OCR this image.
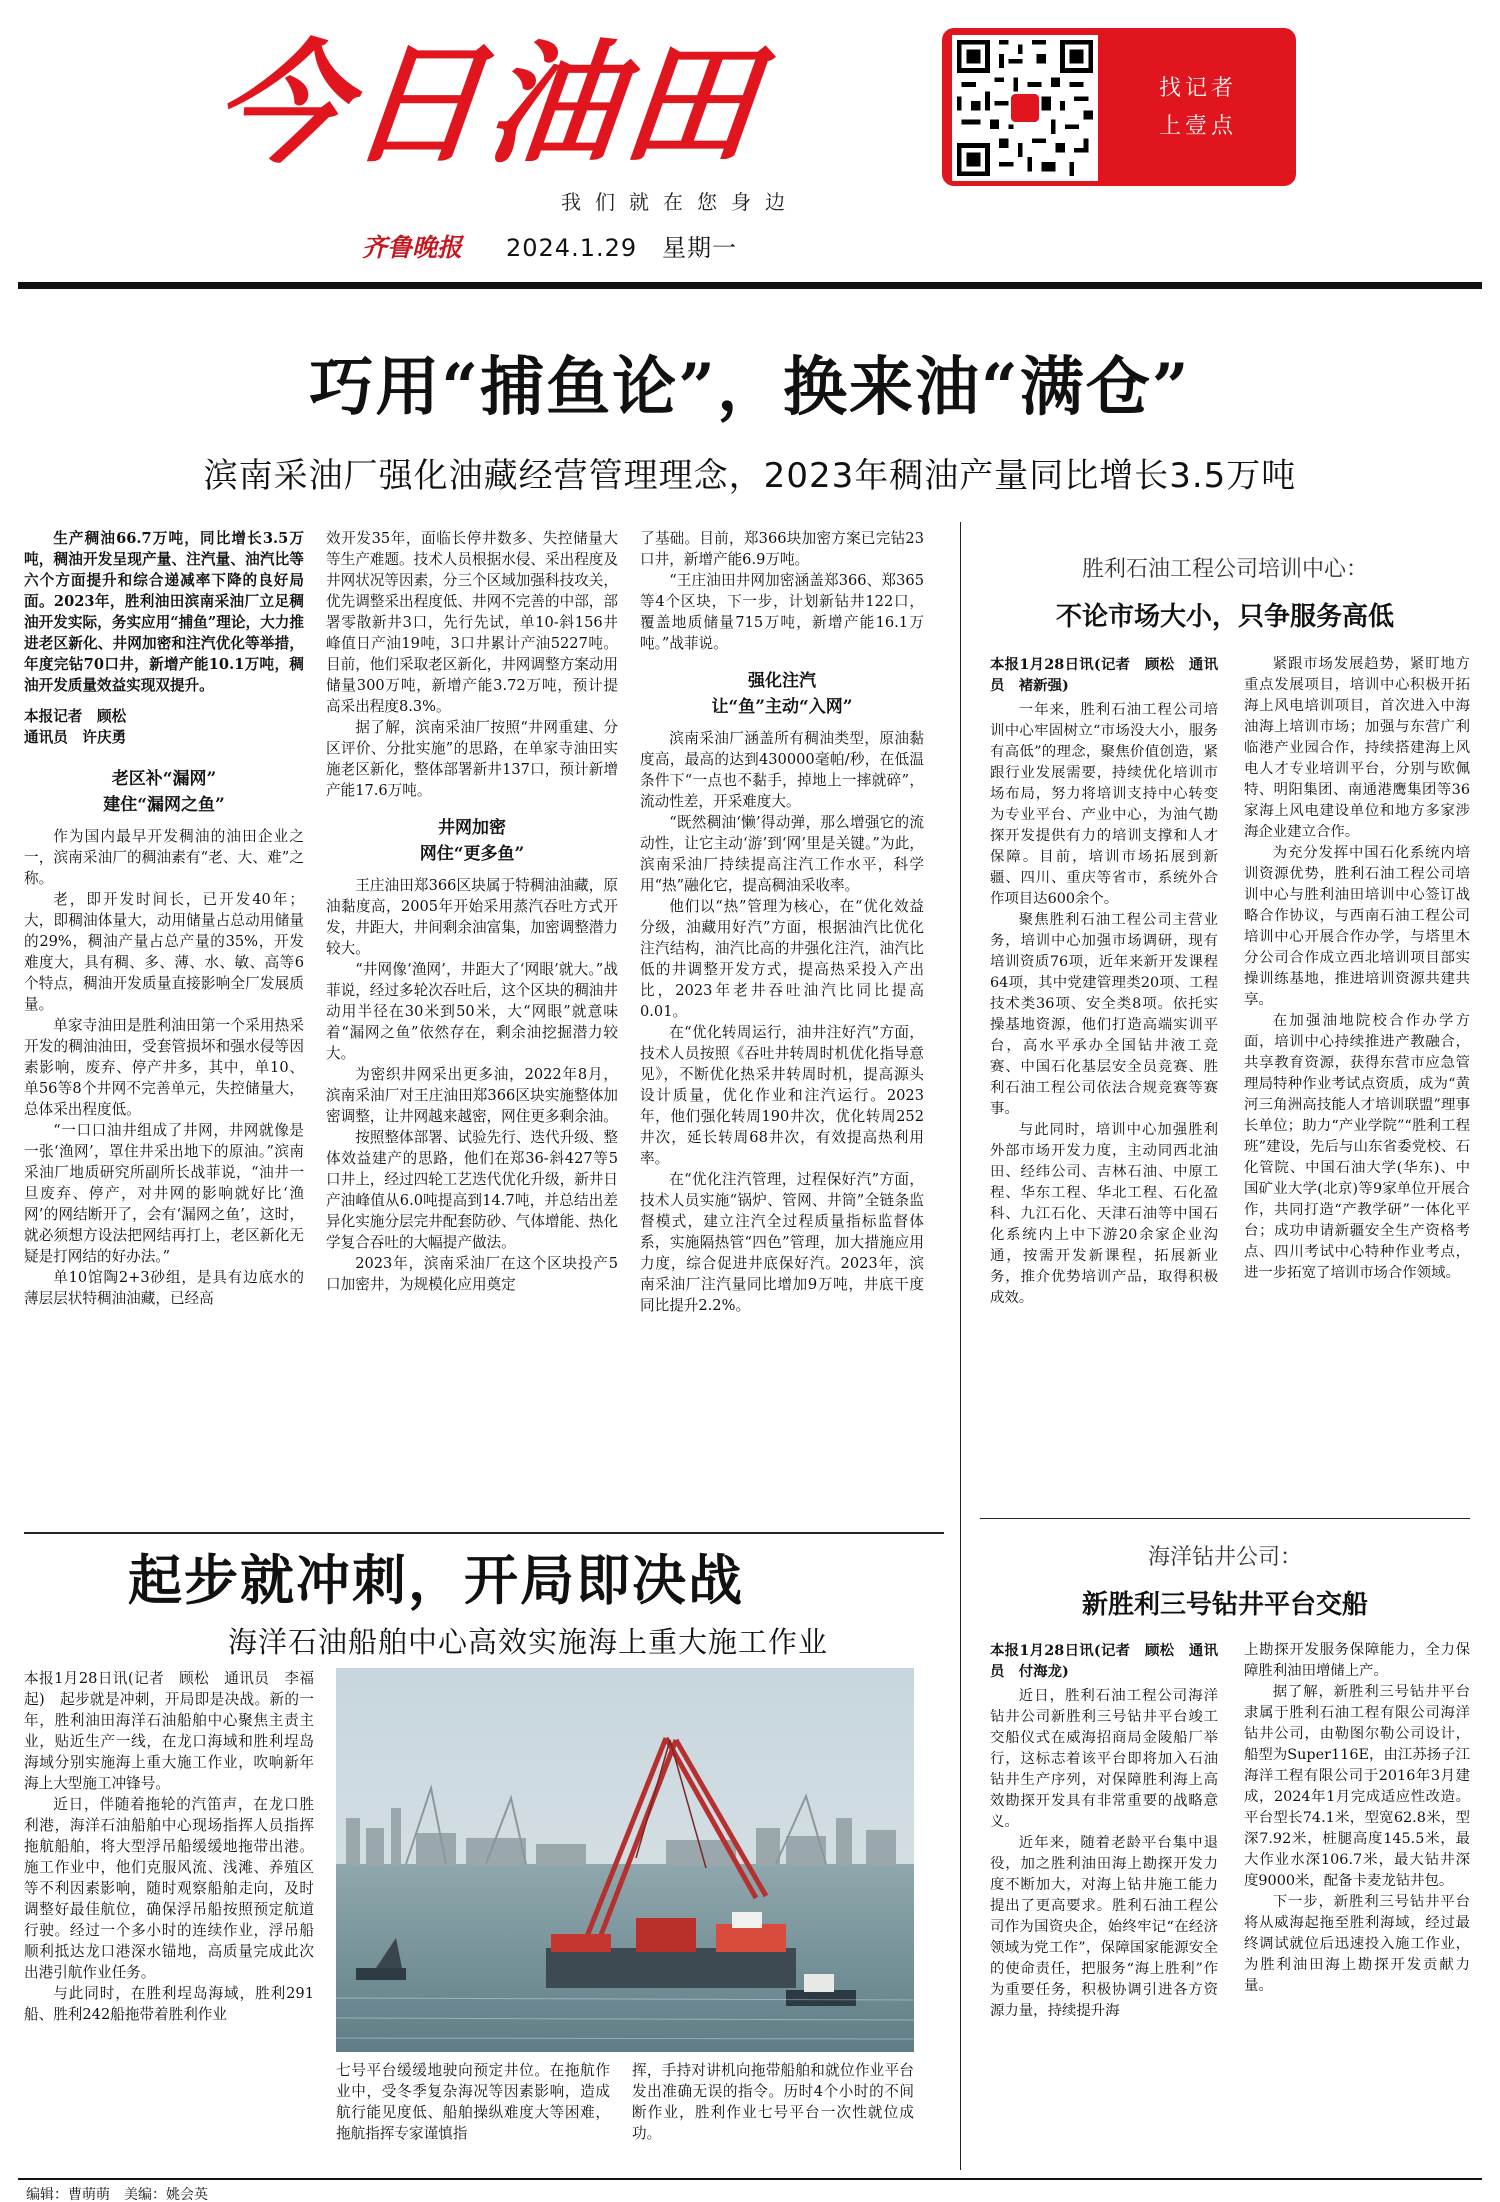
今日油田
我们就在您身边
找记者
上壹点
齐鲁晚报 2024.1.29　星期一
巧用“捕鱼论”，换来油“满仓”
滨南采油厂强化油藏经营管理理念，2023年稠油产量同比增长3.5万吨

生产稠油66.7万吨，同比增长3.5万吨，稠油开发呈现产量、注汽量、油汽比等六个方面提升和综合递减率下降的良好局面。2023年，胜利油田滨南采油厂立足稠油开发实际，务实应用“捕鱼”理论，大力推进老区新化、井网加密和注汽优化等举措，年度完钻70口井，新增产能10.1万吨，稠油开发质量效益实现双提升。

本报记者　顾松
通讯员　许庆勇

老区补“漏网”
建住“漏网之鱼”

作为国内最早开发稠油的油田企业之一，滨南采油厂的稠油素有“老、大、难”之称。

老，即开发时间长，已开发40年；大，即稠油体量大，动用储量占总动用储量的29%，稠油产量占总产量的35%，开发难度大，具有稠、多、薄、水、敏、高等6个特点，稠油开发质量直接影响全厂发展质量。

单家寺油田是胜利油田第一个采用热采开发的稠油油田，受套管损坏和强水侵等因素影响，废弃、停产井多，其中，单10、单56等8个井网不完善单元，失控储量大，总体采出程度低。

“一口口油井组成了井网，井网就像是一张‘渔网’，罩住井采出地下的原油。”滨南采油厂地质研究所副所长战菲说，“油井一旦废弃、停产，对井网的影响就好比‘渔网’的网结断开了，会有‘漏网之鱼’，这时，就必须想方设法把网结再打上，老区新化无疑是打网结的好办法。”

单10馆陶2+3砂组，是具有边底水的薄层层状特稠油油藏，已经高

效开发35年，面临长停井数多、失控储量大等生产难题。技术人员根据水侵、采出程度及井网状况等因素，分三个区域加强科技攻关，优先调整采出程度低、井网不完善的中部，部署零散新井3口，先行先试，单10-斜156井峰值日产油19吨，3口井累计产油5227吨。目前，他们采取老区新化，井网调整方案动用储量300万吨，新增产能3.72万吨，预计提高采出程度8.3%。

据了解，滨南采油厂按照“井网重建、分区评价、分批实施”的思路，在单家寺油田实施老区新化，整体部署新井137口，预计新增产能17.6万吨。

井网加密
网住“更多鱼”

王庄油田郑366区块属于特稠油油藏，原油黏度高，2005年开始采用蒸汽吞吐方式开发，井距大，井间剩余油富集，加密调整潜力较大。

“井网像‘渔网’，井距大了‘网眼’就大。”战菲说，经过多轮次吞吐后，这个区块的稠油井动用半径在30米到50米，大“网眼”就意味着“漏网之鱼”依然存在，剩余油挖掘潜力较大。

为密织井网采出更多油，2022年8月，滨南采油厂对王庄油田郑366区块实施整体加密调整，让井网越来越密，网住更多剩余油。

按照整体部署、试验先行、迭代升级、整体效益建产的思路，他们在郑36-斜427等5口井上，经过四轮工艺迭代优化升级，新井日产油峰值从6.0吨提高到14.7吨，并总结出差异化实施分层完井配套防砂、气体增能、热化学复合吞吐的大幅提产做法。

2023年，滨南采油厂在这个区块投产5口加密井，为规模化应用奠定

了基础。目前，郑366块加密方案已完钻23口井，新增产能6.9万吨。

“王庄油田井网加密涵盖郑366、郑365等4个区块，下一步，计划新钻井122口，覆盖地质储量715万吨，新增产能16.1万吨。”战菲说。

强化注汽
让“鱼”主动“入网”

滨南采油厂涵盖所有稠油类型，原油黏度高，最高的达到430000毫帕/秒，在低温条件下“一点也不黏手，掉地上一摔就碎”，流动性差，开采难度大。

“既然稠油‘懒’得动弹，那么增强它的流动性，让它主动‘游’到‘网’里是关键。”为此，滨南采油厂持续提高注汽工作水平，科学用“热”融化它，提高稠油采收率。

他们以“热”管理为核心，在“优化效益分级，油藏用好汽”方面，根据油汽比优化注汽结构，油汽比高的井强化注汽，油汽比低的井调整开发方式，提高热采投入产出比，2023年老井吞吐油汽比同比提高0.01。

在“优化转周运行，油井注好汽”方面，技术人员按照《吞吐井转周时机优化指导意见》，不断优化热采井转周时机，提高源头设计质量，优化作业和注汽运行。2023年，他们强化转周190井次，优化转周252井次，延长转周68井次，有效提高热利用率。

在“优化注汽管理，过程保好汽”方面，技术人员实施“锅炉、管网、井筒”全链条监督模式，建立注汽全过程质量指标监督体系，实施隔热管“四色”管理，加大措施应用力度，综合促进井底保好汽。2023年，滨南采油厂注汽量同比增加9万吨，井底干度同比提升2.2%。

胜利石油工程公司培训中心：
不论市场大小，只争服务高低

本报1月28日讯(记者　顾松　通讯员　褚新强)

一年来，胜利石油工程公司培训中心牢固树立“市场没大小，服务有高低”的理念，聚焦价值创造，紧跟行业发展需要，持续优化培训市场布局，努力将培训支持中心转变为专业平台、产业中心，为油气勘探开发提供有力的培训支撑和人才保障。目前，培训市场拓展到新疆、四川、重庆等省市，系统外合作项目达600余个。

聚焦胜利石油工程公司主营业务，培训中心加强市场调研，现有培训资质76项，近年来新开发课程64项，其中党建管理类20项、工程技术类36项、安全类8项。依托实操基地资源，他们打造高端实训平台，高水平承办全国钻井液工竞赛、中国石化基层安全员竞赛、胜利石油工程公司依法合规竞赛等赛事。

与此同时，培训中心加强胜利外部市场开发力度，主动同西北油田、经纬公司、吉林石油、中原工程、华东工程、华北工程、石化盈科、九江石化、天津石油等中国石化系统内上中下游20余家企业沟通，按需开发新课程，拓展新业务，推介优势培训产品，取得积极成效。

紧跟市场发展趋势，紧盯地方重点发展项目，培训中心积极开拓海上风电培训项目，首次进入中海油海上培训市场；加强与东营广利临港产业园合作，持续搭建海上风电人才专业培训平台，分别与欧佩特、明阳集团、南通港鹰集团等36家海上风电建设单位和地方多家涉海企业建立合作。

为充分发挥中国石化系统内培训资源优势，胜利石油工程公司培训中心与胜利油田培训中心签订战略合作协议，与西南石油工程公司培训中心开展合作办学，与塔里木分公司合作成立西北培训项目部实操训练基地，推进培训资源共建共享。

在加强油地院校合作办学方面，培训中心持续推进产教融合，共享教育资源，获得东营市应急管理局特种作业考试点资质，成为“黄河三角洲高技能人才培训联盟”理事长单位；助力“产业学院”“胜利工程班”建设，先后与山东省委党校、石化管院、中国石油大学(华东)、中国矿业大学(北京)等9家单位开展合作，共同打造“产教学研”一体化平台；成功申请新疆安全生产资格考点、四川考试中心特种作业考点，进一步拓宽了培训市场合作领域。

起步就冲刺，开局即决战
海洋石油船舶中心高效实施海上重大施工作业

本报1月28日讯(记者　顾松　通讯员　李福起)　起步就是冲刺，开局即是决战。新的一年，胜利油田海洋石油船舶中心聚焦主责主业，贴近生产一线，在龙口海域和胜利埕岛海域分别实施海上重大施工作业，吹响新年海上大型施工冲锋号。

近日，伴随着拖轮的汽笛声，在龙口胜利港，海洋石油船舶中心现场指挥人员指挥拖航船舶，将大型浮吊船缓缓地拖带出港。施工作业中，他们克服风流、浅滩、养殖区等不利因素影响，随时观察船舶走向，及时调整好最佳航位，确保浮吊船按照预定航道行驶。经过一个多小时的连续作业，浮吊船顺利抵达龙口港深水锚地，高质量完成此次出港引航作业任务。

与此同时，在胜利埕岛海域，胜利291船、胜利242船拖带着胜利作业

七号平台缓缓地驶向预定井位。在拖航作业中，受冬季复杂海况等因素影响，造成航行能见度低、船舶操纵难度大等困难，拖航指挥专家谨慎指

挥，手持对讲机向拖带船舶和就位作业平台发出准确无误的指令。历时4个小时的不间断作业，胜利作业七号平台一次性就位成功。

海洋钻井公司：
新胜利三号钻井平台交船

本报1月28日讯(记者　顾松　通讯员　付海龙)

近日，胜利石油工程公司海洋钻井公司新胜利三号钻井平台竣工交船仪式在威海招商局金陵船厂举行，这标志着该平台即将加入石油钻井生产序列，对保障胜利海上高效勘探开发具有非常重要的战略意义。

近年来，随着老龄平台集中退役，加之胜利油田海上勘探开发力度不断加大，对海上钻井施工能力提出了更高要求。胜利石油工程公司作为国资央企，始终牢记“在经济领域为党工作”，保障国家能源安全的使命责任，把服务“海上胜利”作为重要任务，积极协调引进各方资源力量，持续提升海

上勘探开发服务保障能力，全力保障胜利油田增储上产。

据了解，新胜利三号钻井平台隶属于胜利石油工程有限公司海洋钻井公司，由勒图尔勒公司设计，船型为Super116E，由江苏扬子江海洋工程有限公司于2016年3月建成，2024年1月完成适应性改造。平台型长74.1米，型宽62.8米，型深7.92米，桩腿高度145.5米，最大作业水深106.7米，最大钻井深度9000米，配备卡麦龙钻井包。

下一步，新胜利三号钻井平台将从威海起拖至胜利海域，经过最终调试就位后迅速投入施工作业，为胜利油田海上勘探开发贡献力量。

编辑：曹萌萌　美编：姚会英
